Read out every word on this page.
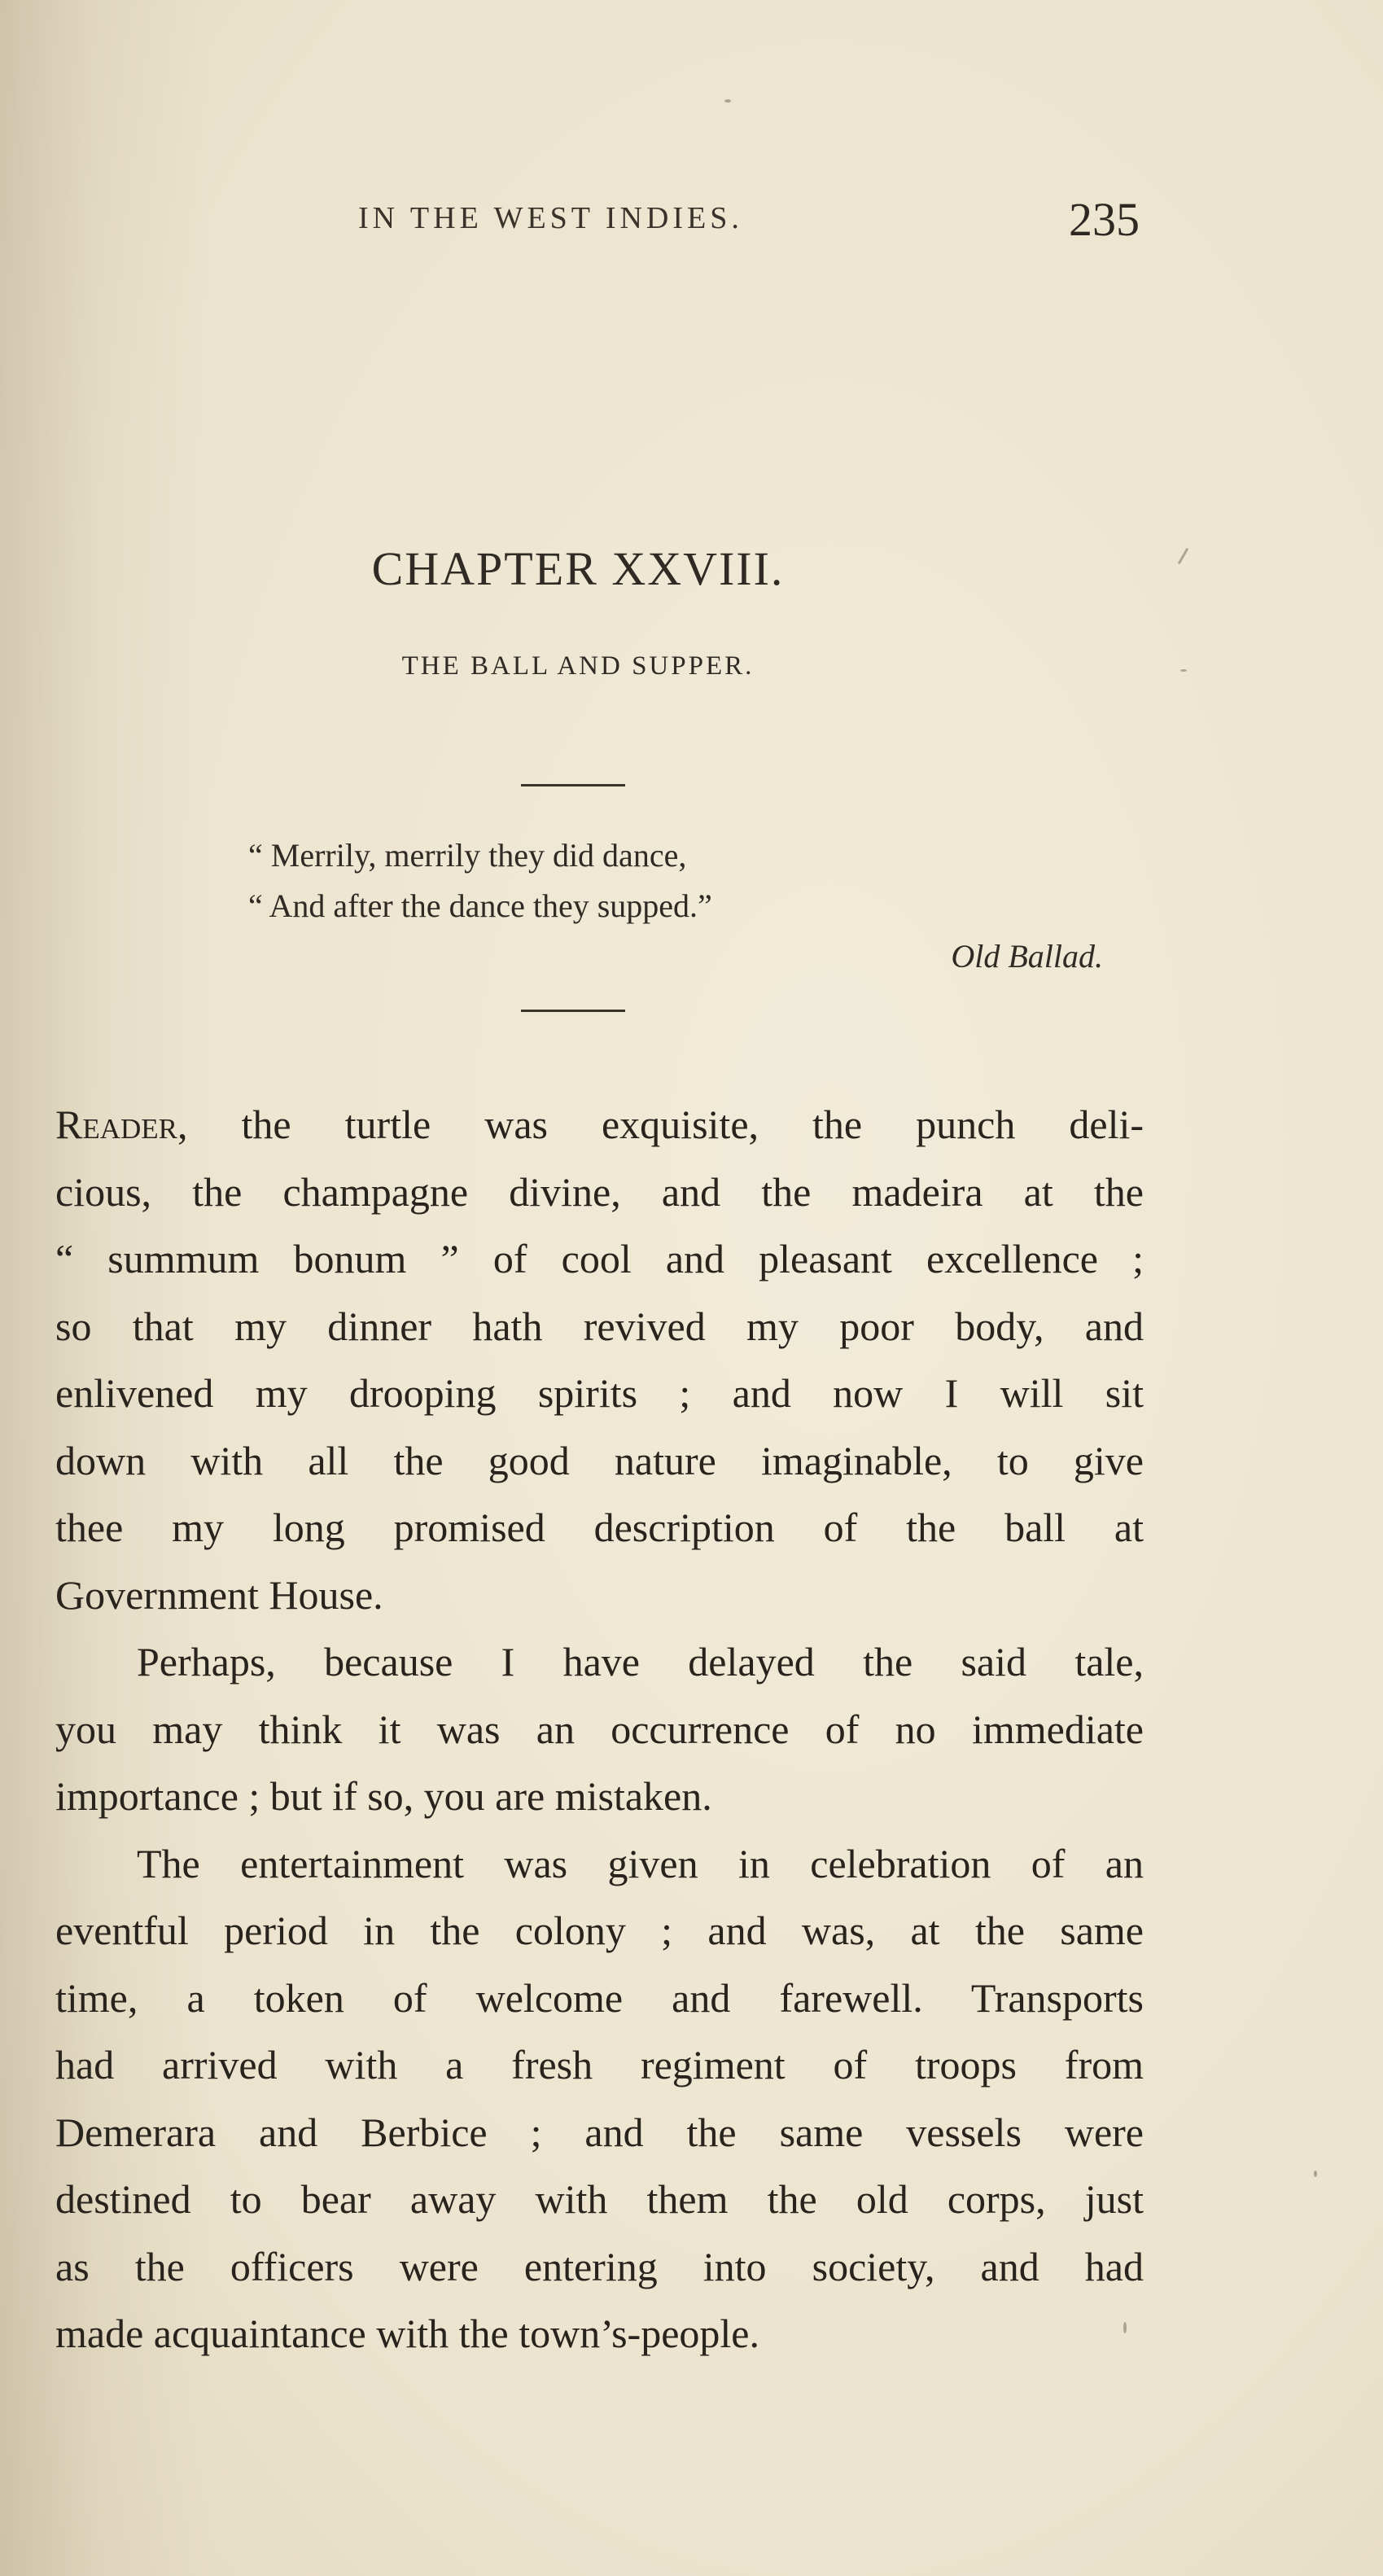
IN THE WEST INDIES.	235
CHAPTER XXVIII.
THE BALL AND SUPPER.
“ Merrily, merrily they did dance,
“ And after the dance they supped.”
Old Ballad.
Reader, the turtle was exquisite, the punch deli-
cious, the champagne divine, and the madeira at the
“ summum bonum ” of cool and pleasant excellence ;
so that my dinner hath revived my poor body, and
enlivened my drooping spirits ; and now I will sit
down with all the good nature imaginable, to give
thee my long promised description of the ball at
Government House.
Perhaps, because I have delayed the said tale,
you may think it was an occurrence of no immediate
importance ; but if so, you are mistaken.
The entertainment was given in celebration of an
eventful period in the colony ; and was, at the same
time, a token of welcome and farewell. Transports
had arrived with a fresh regiment of troops from
Demerara and Berbice ; and the same vessels were
destined to bear away with them the old corps, just
as the officers were entering into society, and had
made acquaintance with the town’s-people.
